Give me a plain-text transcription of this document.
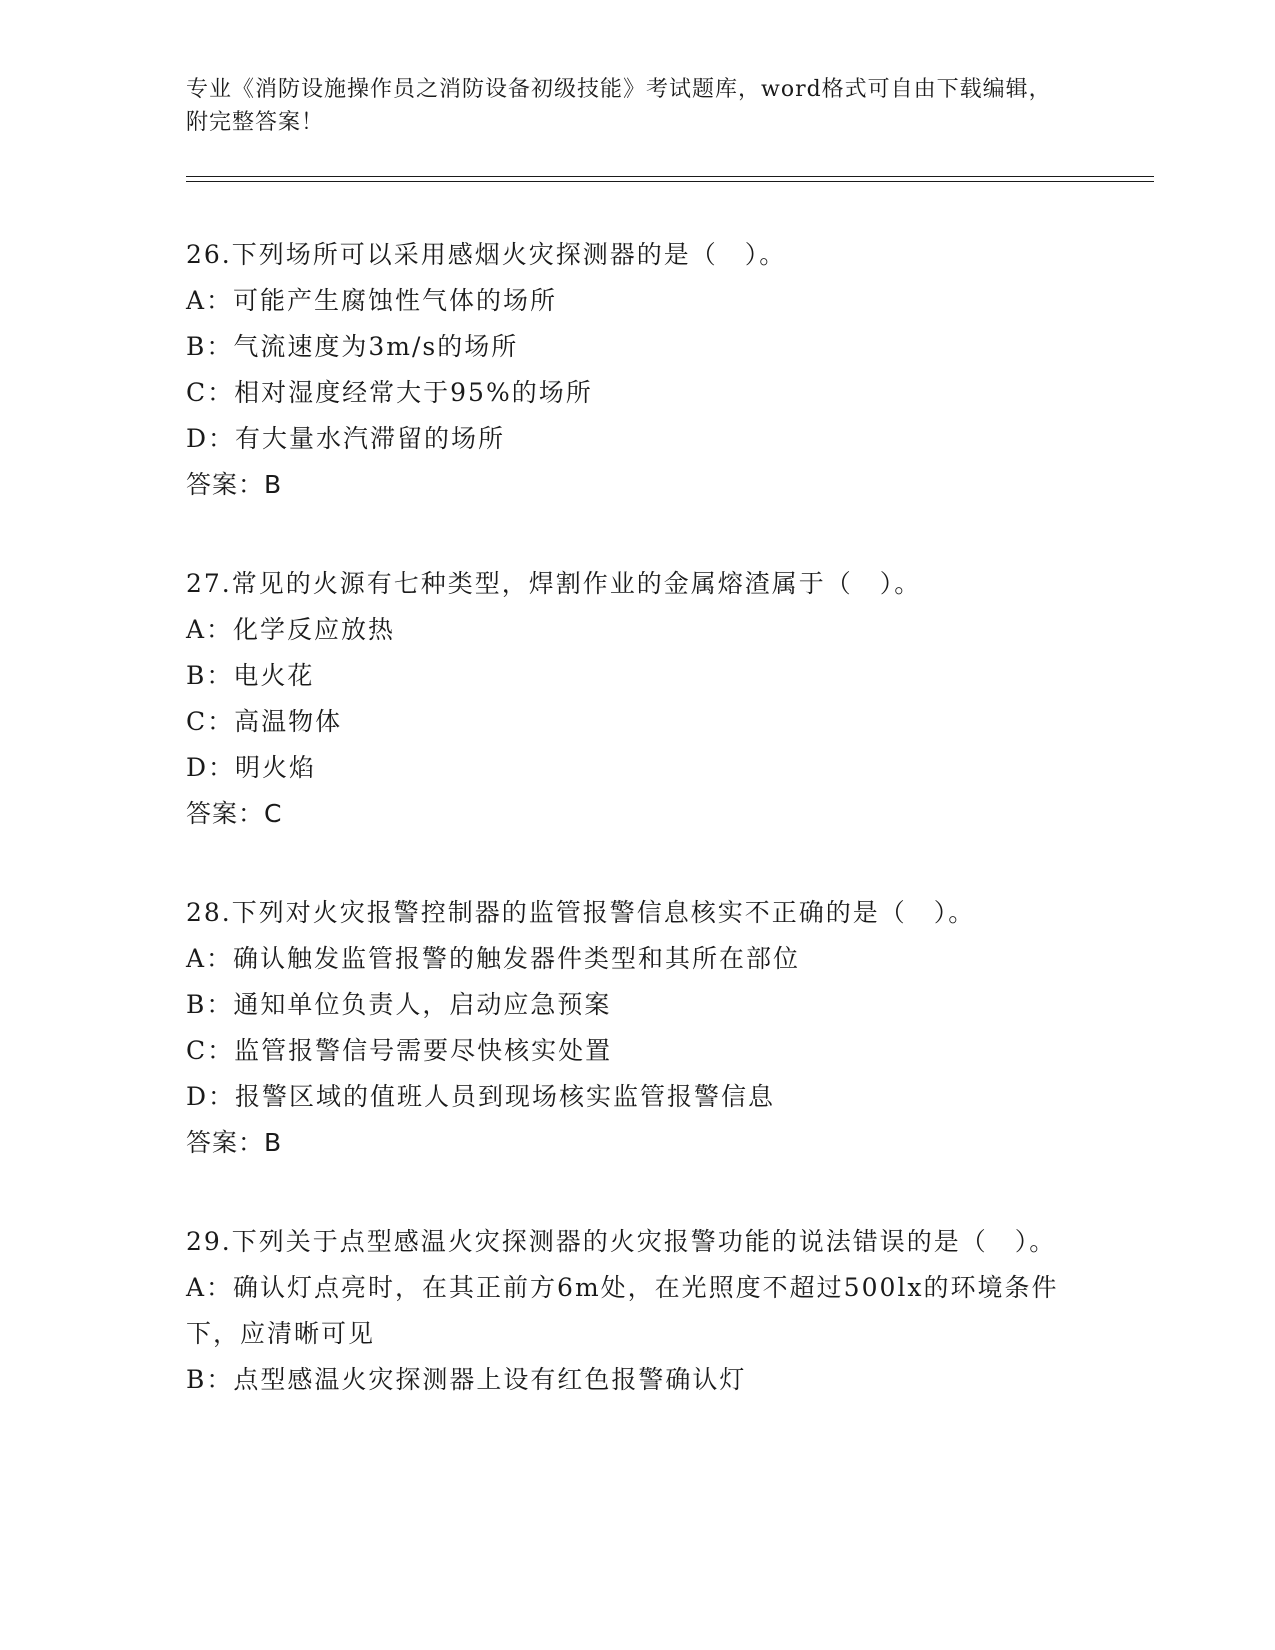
专业《消防设施操作员之消防设备初级技能》考试题库，word格式可自由下载编辑，附完整答案！

26.下列场所可以采用感烟火灾探测器的是（　）。

A：可能产生腐蚀性气体的场所

B：气流速度为3m/s的场所

C：相对湿度经常大于95%的场所

D：有大量水汽滞留的场所

答案：B

27.常见的火源有七种类型，焊割作业的金属熔渣属于（　）。

A：化学反应放热

B：电火花

C：高温物体

D：明火焰

答案：C

28.下列对火灾报警控制器的监管报警信息核实不正确的是（　）。

A：确认触发监管报警的触发器件类型和其所在部位

B：通知单位负责人，启动应急预案

C：监管报警信号需要尽快核实处置

D：报警区域的值班人员到现场核实监管报警信息

答案：B

29.下列关于点型感温火灾探测器的火灾报警功能的说法错误的是（　）。

A：确认灯点亮时，在其正前方6m处，在光照度不超过500lx的环境条件下，应清晰可见

B：点型感温火灾探测器上设有红色报警确认灯
